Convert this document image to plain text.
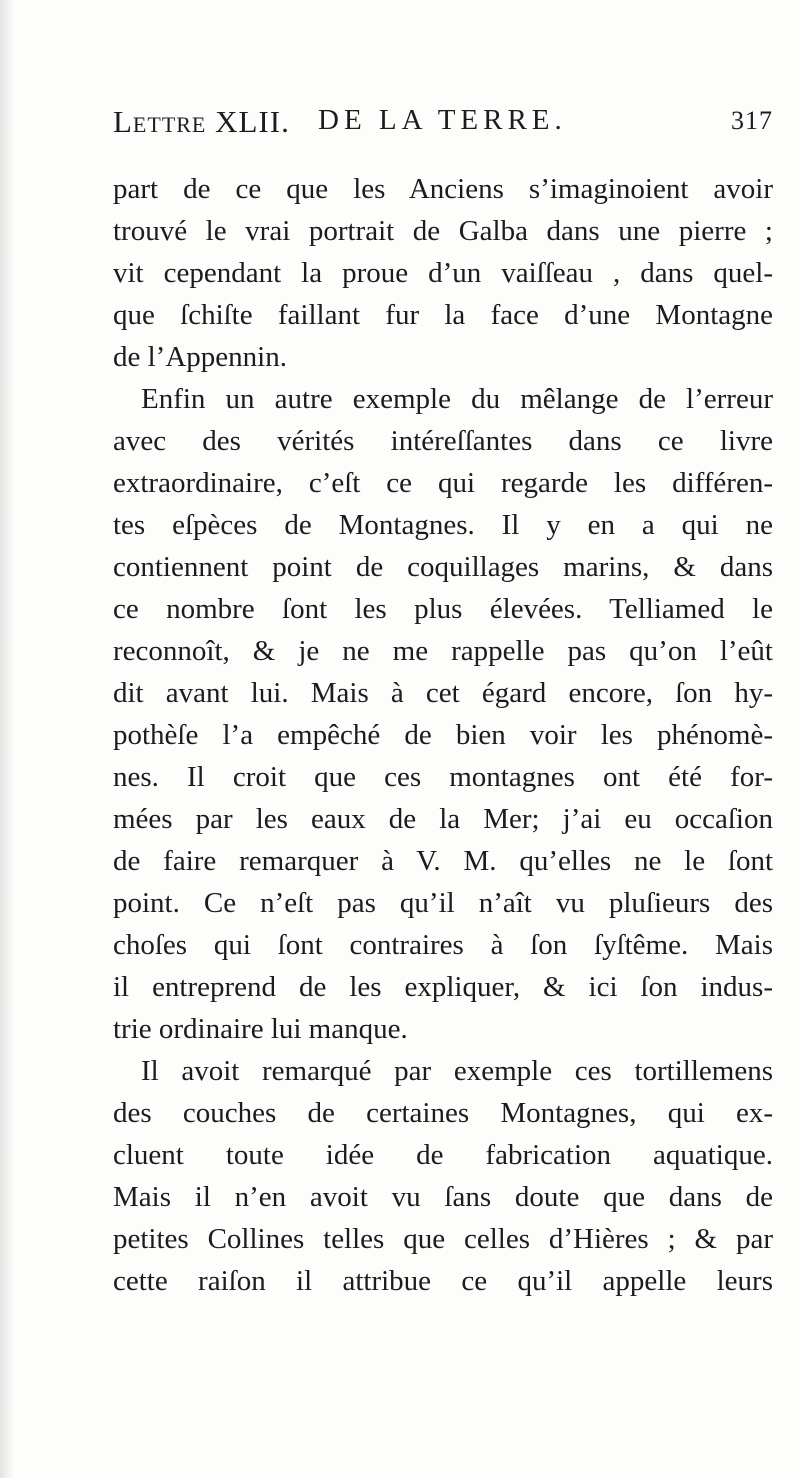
Lettre XLII. DE LA TERRE.	317
part de ce que les Anciens s’imaginoient avoir
trouvé le vrai portrait de Galba dans une pierre ;
vit cependant la proue d’un vaiſſeau , dans quel-
que ſchiſte faillant fur la face d’une Montagne
de l’Appennin.
Enfin un autre exemple du mêlange de l’erreur
avec des vérités intéreſſantes dans ce livre
extraordinaire, c’eſt ce qui regarde les différen-
tes eſpèces de Montagnes. Il y en a qui ne
contiennent point de coquillages marins, & dans
ce nombre ſont les plus élevées. Telliamed le
reconnoît, & je ne me rappelle pas qu’on l’eût
dit avant lui. Mais à cet égard encore, ſon hy-
pothèſe l’a empêché de bien voir les phénomè-
nes. Il croit que ces montagnes ont été for-
mées par les eaux de la Mer; j’ai eu occaſion
de faire remarquer à V. M. qu’elles ne le ſont
point. Ce n’eſt pas qu’il n’aît vu pluſieurs des
choſes qui ſont contraires à ſon ſyſtême. Mais
il entreprend de les expliquer, & ici ſon indus-
trie ordinaire lui manque.
Il avoit remarqué par exemple ces tortillemens
des couches de certaines Montagnes, qui ex-
cluent toute idée de fabrication aquatique.
Mais il n’en avoit vu ſans doute que dans de
petites Collines telles que celles d’Hières ; & par
cette raiſon il attribue ce qu’il appelle leurs
